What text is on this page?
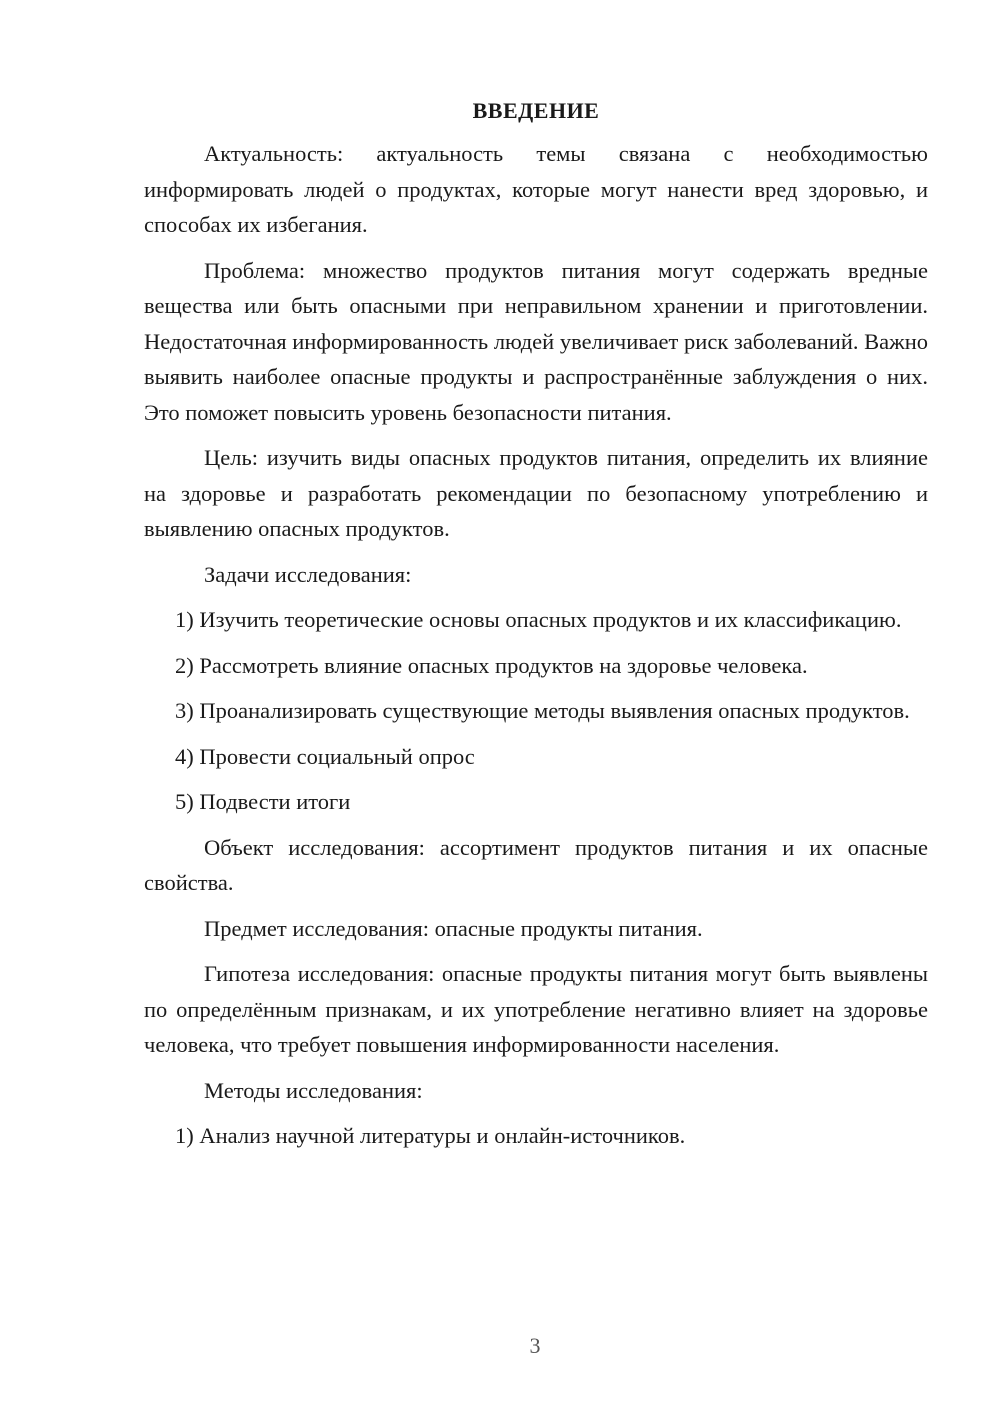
ВВЕДЕНИЕ

Актуальность: актуальность темы связана с необходимостью информировать людей о продуктах, которые могут нанести вред здоровью, и способах их избегания.

Проблема: множество продуктов питания могут содержать вредные вещества или быть опасными при неправильном хранении и приготовлении. Недостаточная информированность людей увеличивает риск заболеваний. Важно выявить наиболее опасные продукты и распространённые заблуждения о них. Это поможет повысить уровень безопасности питания.

Цель: изучить виды опасных продуктов питания, определить их влияние на здоровье и разработать рекомендации по безопасному употреблению и выявлению опасных продуктов.

Задачи исследования:

1) Изучить теоретические основы опасных продуктов и их классификацию.

2) Рассмотреть влияние опасных продуктов на здоровье человека.

3) Проанализировать существующие методы выявления опасных продуктов.

4) Провести социальный опрос

5) Подвести итоги

Объект исследования: ассортимент продуктов питания и их опасные свойства.

Предмет исследования: опасные продукты питания.

Гипотеза исследования: опасные продукты питания могут быть выявлены по определённым признакам, и их употребление негативно влияет на здоровье человека, что требует повышения информированности населения.

Методы исследования:

1) Анализ научной литературы и онлайн-источников.

3
